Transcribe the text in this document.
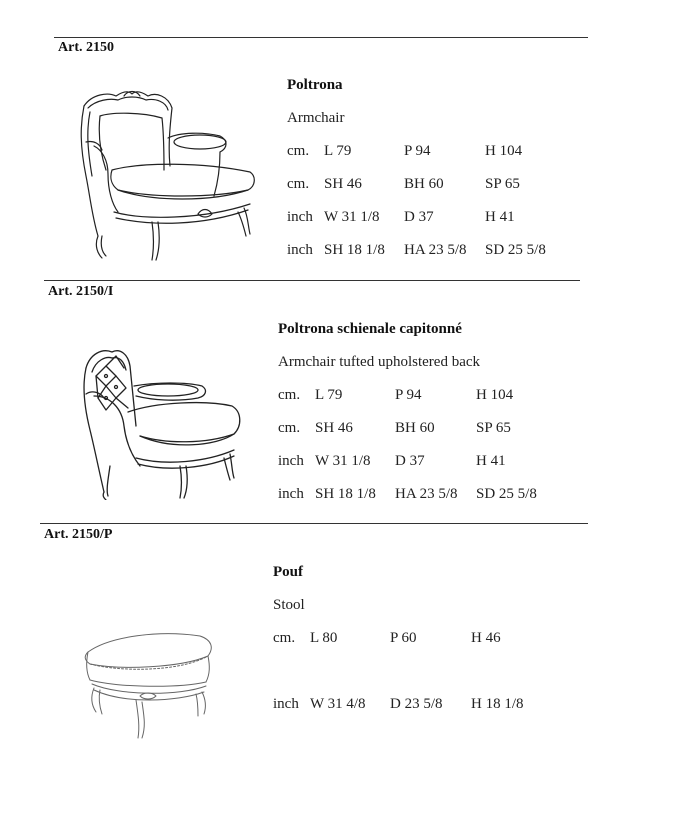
Art. 2150
Poltrona
Armchair
cm. L 79	P 94	H 104
cm. SH 46	BH 60	SP 65
inch W 31 1/8 D 37	H 41
inch SH 18 1/8 HA 23 5/8 SD 25 5/8
Art. 2150/I
Poltrona schienale capitonné
Armchair tufted upholstered back
cm. L 79	P 94	H 104
cm. SH 46	BH 60	SP 65
inch W 31 1/8 D 37	H 41
inch SH 18 1/8 HA 23 5/8 SD 25 5/8
Art. 2150/P
Pouf
Stool
cm. L 80	P 60	H 46
inch W 31 4/8 D 23 5/8 H 18 1/8
